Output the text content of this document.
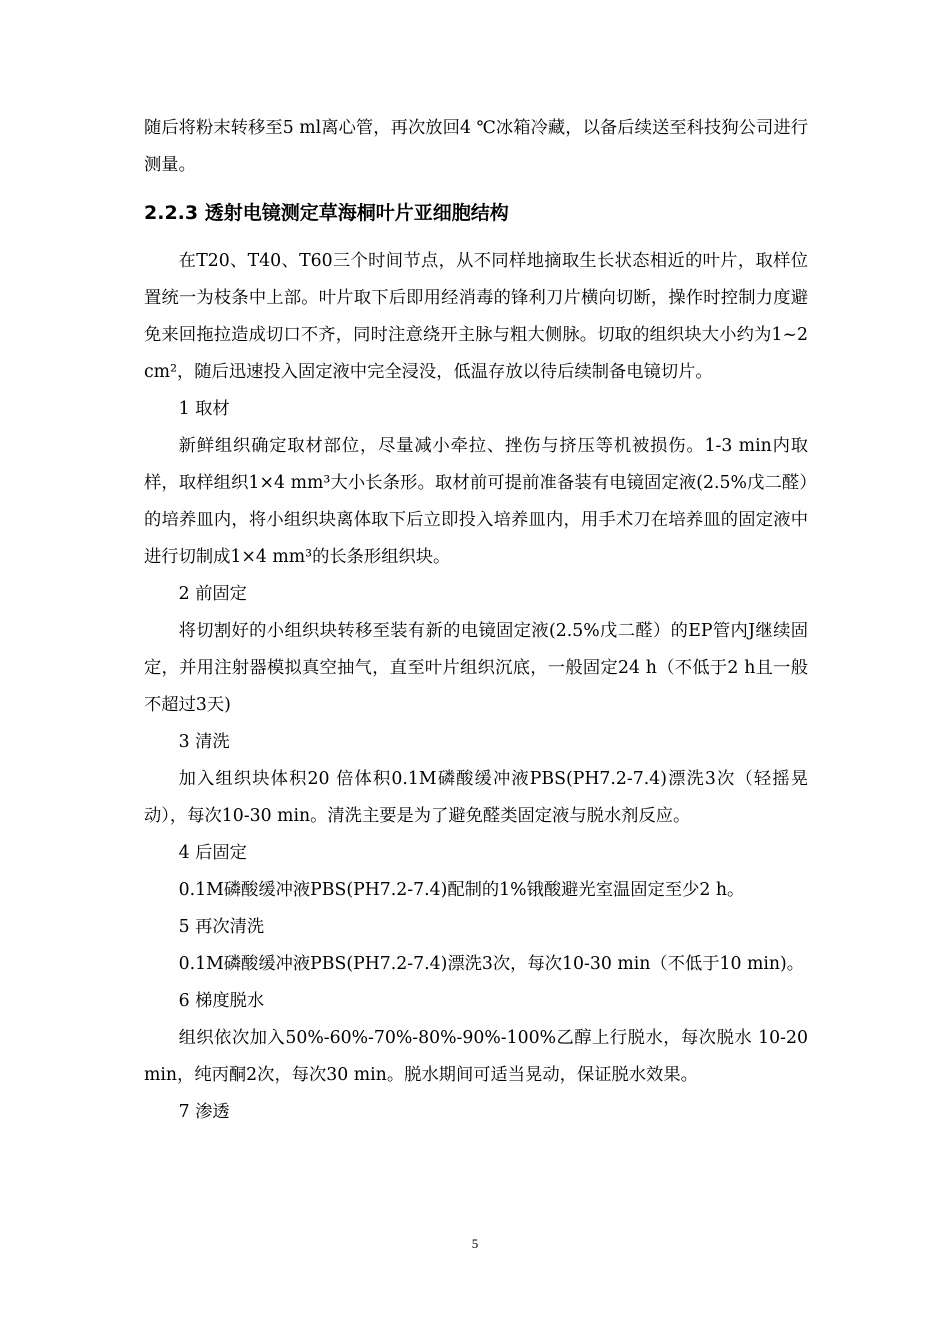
随后将粉末转移至5 ml离心管，再次放回4 ℃冰箱冷藏，以备后续送至科技狗公司进行测量。

2.2.3 透射电镜测定草海桐叶片亚细胞结构

在T20、T40、T60三个时间节点，从不同样地摘取生长状态相近的叶片，取样位置统一为枝条中上部。叶片取下后即用经消毒的锋利刀片横向切断，操作时控制力度避免来回拖拉造成切口不齐，同时注意绕开主脉与粗大侧脉。切取的组织块大小约为1~2 cm²，随后迅速投入固定液中完全浸没，低温存放以待后续制备电镜切片。

1 取材

新鲜组织确定取材部位，尽量减小牵拉、挫伤与挤压等机被损伤。1-3 min内取样，取样组织1×4 mm³大小长条形。取材前可提前准备装有电镜固定液(2.5%戊二醛）的培养皿内，将小组织块离体取下后立即投入培养皿内，用手术刀在培养皿的固定液中进行切制成1×4 mm³的长条形组织块。

2 前固定

将切割好的小组织块转移至装有新的电镜固定液(2.5%戊二醛）的EP管内J继续固定，并用注射器模拟真空抽气，直至叶片组织沉底，一般固定24 h（不低于2 h且一般不超过3天)

3 清洗

加入组织块体积20 倍体积0.1M磷酸缓冲液PBS(PH7.2-7.4)漂洗3次（轻摇晃动），每次10-30 min。清洗主要是为了避免醛类固定液与脱水剂反应。

4 后固定

0.1M磷酸缓冲液PBS(PH7.2-7.4)配制的1%锇酸避光室温固定至少2 h。

5 再次清洗

0.1M磷酸缓冲液PBS(PH7.2-7.4)漂洗3次，每次10-30 min（不低于10 min)。

6 梯度脱水

组织依次加入50%-60%-70%-80%-90%-100%乙醇上行脱水，每次脱水 10-20 min，纯丙酮2次，每次30 min。脱水期间可适当晃动，保证脱水效果。

7 渗透

5
